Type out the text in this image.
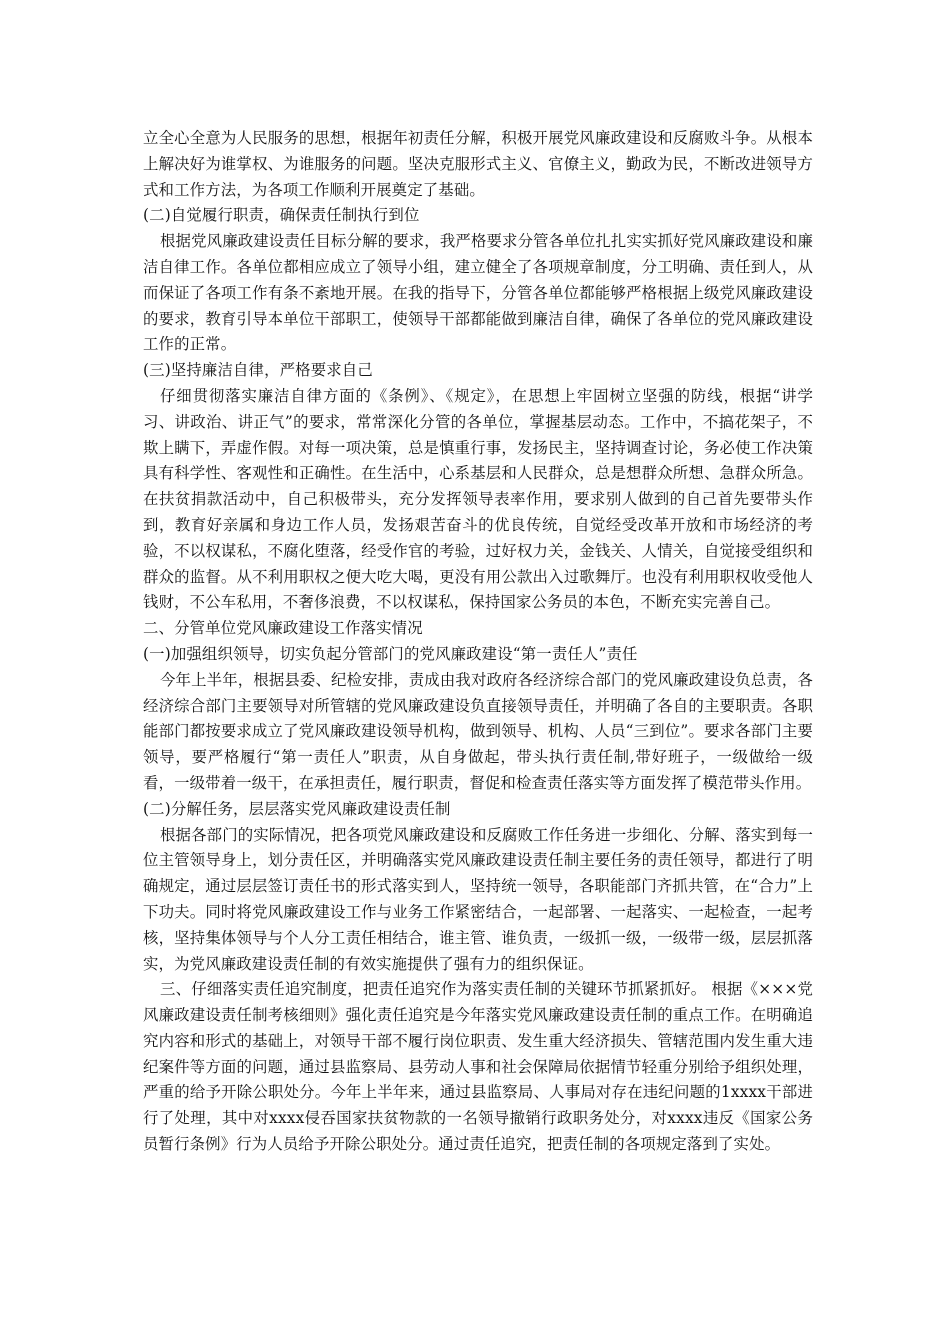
立全心全意为人民服务的思想，根据年初责任分解，积极开展党风廉政建设和反腐败斗争。从根本上解决好为谁掌权、为谁服务的问题。坚决克服形式主义、官僚主义，勤政为民，不断改进领导方式和工作方法，为各项工作顺利开展奠定了基础。

(二)自觉履行职责，确保责任制执行到位

根据党风廉政建设责任目标分解的要求，我严格要求分管各单位扎扎实实抓好党风廉政建设和廉洁自律工作。各单位都相应成立了领导小组，建立健全了各项规章制度，分工明确、责任到人，从而保证了各项工作有条不紊地开展。在我的指导下，分管各单位都能够严格根据上级党风廉政建设的要求，教育引导本单位干部职工，使领导干部都能做到廉洁自律，确保了各单位的党风廉政建设工作的正常。

(三)坚持廉洁自律，严格要求自己

仔细贯彻落实廉洁自律方面的《条例》、《规定》，在思想上牢固树立坚强的防线，根据“讲学习、讲政治、讲正气”的要求，常常深化分管的各单位，掌握基层动态。工作中，不搞花架子，不欺上瞒下，弄虚作假。对每一项决策，总是慎重行事，发扬民主，坚持调查讨论，务必使工作决策具有科学性、客观性和正确性。在生活中，心系基层和人民群众，总是想群众所想、急群众所急。在扶贫捐款活动中，自己积极带头，充分发挥领导表率作用，要求别人做到的自己首先要带头作到，教育好亲属和身边工作人员，发扬艰苦奋斗的优良传统，自觉经受改革开放和市场经济的考验，不以权谋私，不腐化堕落，经受作官的考验，过好权力关，金钱关、人情关，自觉接受组织和群众的监督。从不利用职权之便大吃大喝，更没有用公款出入过歌舞厅。也没有利用职权收受他人钱财，不公车私用，不奢侈浪费，不以权谋私，保持国家公务员的本色，不断充实完善自己。

二、分管单位党风廉政建设工作落实情况

(一)加强组织领导，切实负起分管部门的党风廉政建设“第一责任人”责任

今年上半年，根据县委、纪检安排，责成由我对政府各经济综合部门的党风廉政建设负总责，各经济综合部门主要领导对所管辖的党风廉政建设负直接领导责任，并明确了各自的主要职责。各职能部门都按要求成立了党风廉政建设领导机构，做到领导、机构、人员“三到位”。要求各部门主要领导，要严格履行“第一责任人”职责，从自身做起，带头执行责任制,带好班子，一级做给一级看，一级带着一级干，在承担责任，履行职责，督促和检查责任落实等方面发挥了模范带头作用。

(二)分解任务，层层落实党风廉政建设责任制

根据各部门的实际情况，把各项党风廉政建设和反腐败工作任务进一步细化、分解、落实到每一位主管领导身上，划分责任区，并明确落实党风廉政建设责任制主要任务的责任领导，都进行了明确规定，通过层层签订责任书的形式落实到人，坚持统一领导，各职能部门齐抓共管，在“合力”上下功夫。同时将党风廉政建设工作与业务工作紧密结合，一起部署、一起落实、一起检查，一起考核，坚持集体领导与个人分工责任相结合，谁主管、谁负责，一级抓一级，一级带一级，层层抓落实，为党风廉政建设责任制的有效实施提供了强有力的组织保证。

三、仔细落实责任追究制度，把责任追究作为落实责任制的关键环节抓紧抓好。 根据《×××党风廉政建设责任制考核细则》强化责任追究是今年落实党风廉政建设责任制的重点工作。在明确追究内容和形式的基础上，对领导干部不履行岗位职责、发生重大经济损失、管辖范围内发生重大违纪案件等方面的问题，通过县监察局、县劳动人事和社会保障局依据情节轻重分别给予组织处理，严重的给予开除公职处分。今年上半年来，通过县监察局、人事局对存在违纪问题的1xxxx干部进行了处理，其中对xxxx侵吞国家扶贫物款的一名领导撤销行政职务处分，对xxxx违反《国家公务员暂行条例》行为人员给予开除公职处分。通过责任追究，把责任制的各项规定落到了实处。
